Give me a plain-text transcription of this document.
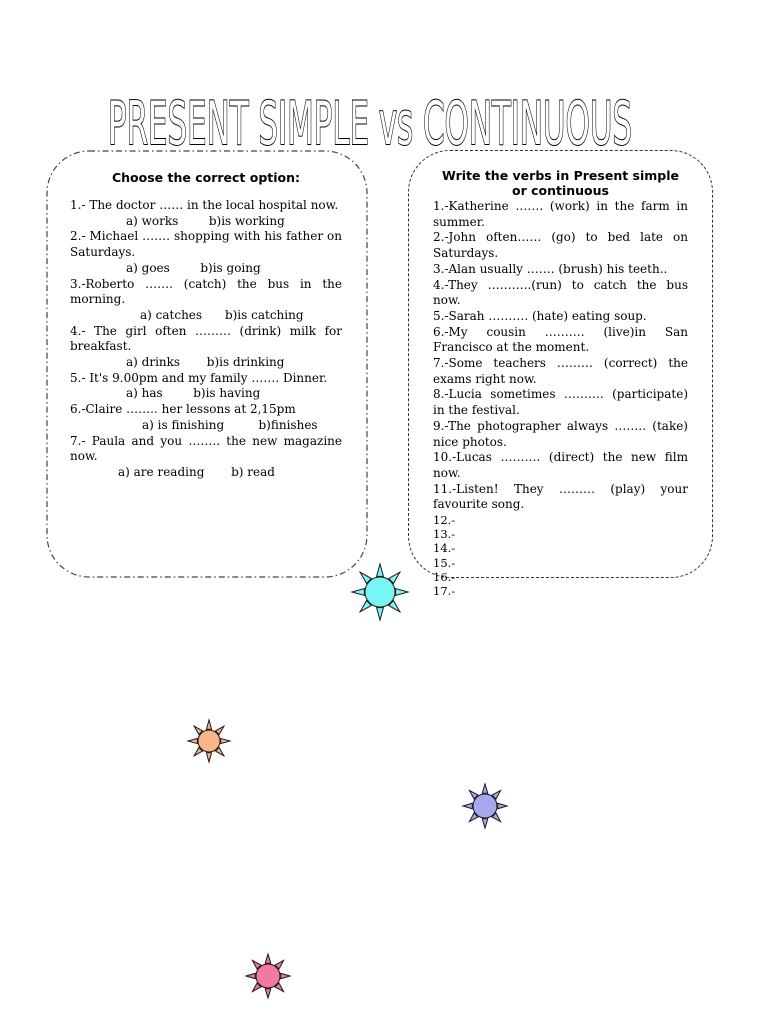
PRESENT SIMPLE vs CONTINUOUS
Choose the correct option:

1.- The doctor …… in the local hospital now.

a) works        b)is working

2.- Michael ……. shopping with his father on Saturdays.

a) goes        b)is going

3.-Roberto ……. (catch) the bus in the morning.

a) catches      b)is catching

4.- The girl often ……… (drink) milk for breakfast.

a) drinks       b)is drinking

5.- It's 9.00pm and my family ……. Dinner.

a) has        b)is having

6.-Claire …….. her lessons at 2,15pm

a) is finishing         b)finishes

7.- Paula and you …….. the new magazine now.

a) are reading       b) read

Write the verbs in Present simple or continuous

1.-Katherine ……. (work) in the farm in summer.

2.-John often…… (go) to bed late on Saturdays.

3.-Alan usually ……. (brush) his teeth..

4.-They ………..(run) to catch the bus now.

5.-Sarah ………. (hate) eating soup.

6.-My cousin ………. (live)in San Francisco at the moment.

7.-Some teachers ……… (correct) the exams right now.

8.-Lucia sometimes ………. (participate) in the festival.

9.-The photographer always …….. (take) nice photos.

10.-Lucas ………. (direct) the new film now.

11.-Listen! They ……… (play) your favourite song.

12.-

13.-

14.-

15.-

16.-

17.-
